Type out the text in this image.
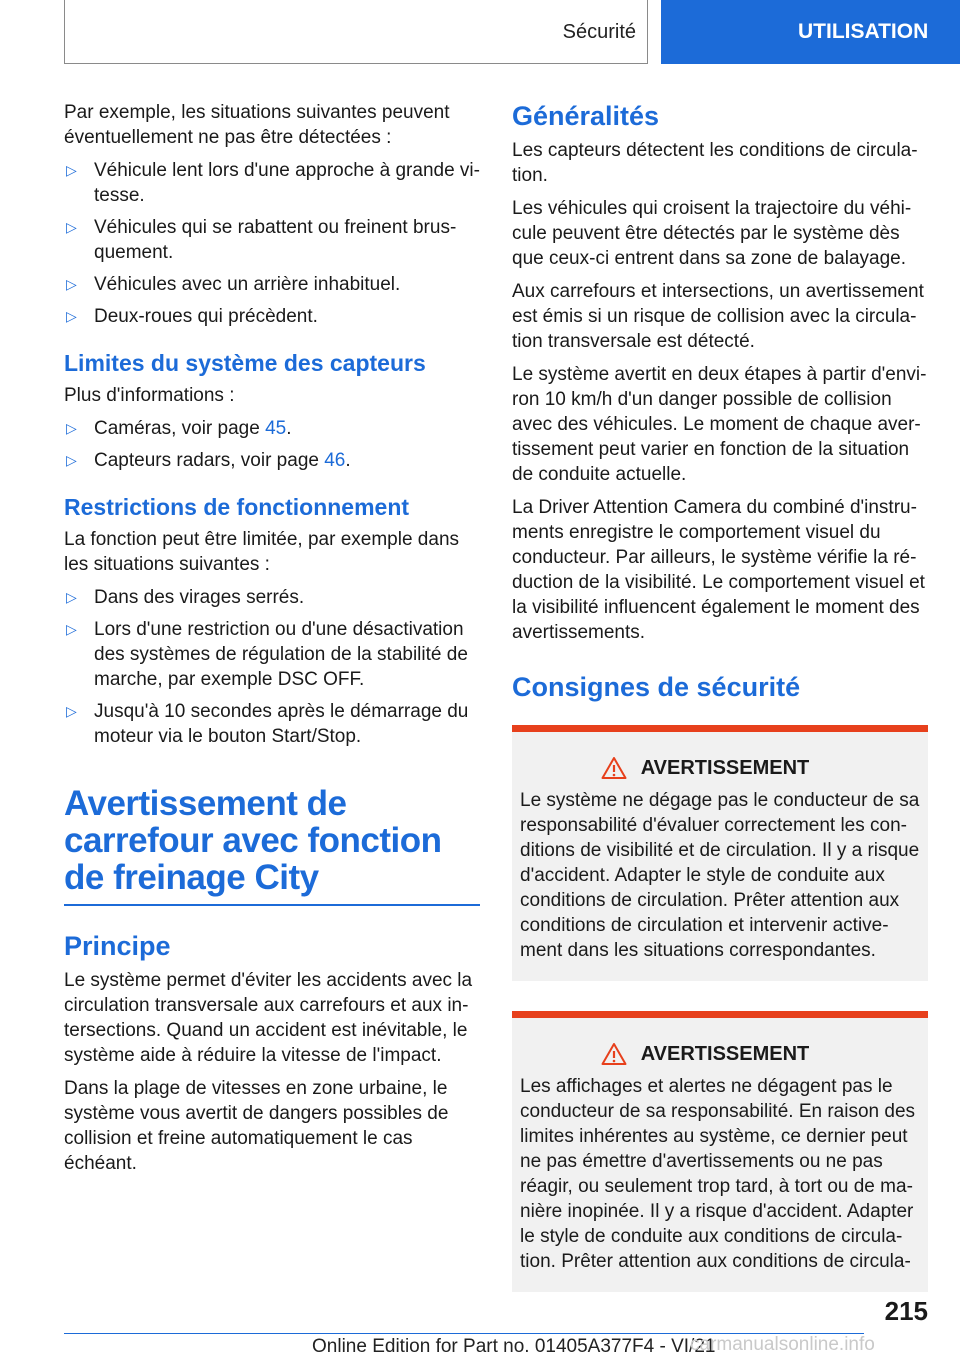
Sécurité	UTILISATION

Par exemple, les situations suivantes peuvent éventuellement ne pas être détectées :

▷ Véhicule lent lors d'une approche à grande vitesse.
▷ Véhicules qui se rabattent ou freinent brusquement.
▷ Véhicules avec un arrière inhabituel.
▷ Deux-roues qui précèdent.
Limites du système des capteurs

Plus d'informations :

▷ Caméras, voir page 45.
▷ Capteurs radars, voir page 46.
Restrictions de fonctionnement

La fonction peut être limitée, par exemple dans les situations suivantes :

▷ Dans des virages serrés.
▷ Lors d'une restriction ou d'une désactivation des systèmes de régulation de la stabilité de marche, par exemple DSC OFF.
▷ Jusqu'à 10 secondes après le démarrage du moteur via le bouton Start/Stop.
Avertissement de carrefour avec fonction de freinage City
Principe

Le système permet d'éviter les accidents avec la circulation transversale aux carrefours et aux intersections. Quand un accident est inévitable, le système aide à réduire la vitesse de l'impact.

Dans la plage de vitesses en zone urbaine, le système vous avertit de dangers possibles de collision et freine automatiquement le cas échéant.

Généralités

Les capteurs détectent les conditions de circulation.

Les véhicules qui croisent la trajectoire du véhicule peuvent être détectés par le système dès que ceux-ci entrent dans sa zone de balayage.

Aux carrefours et intersections, un avertissement est émis si un risque de collision avec la circulation transversale est détecté.

Le système avertit en deux étapes à partir d'environ 10 km/h d'un danger possible de collision avec des véhicules. Le moment de chaque avertissement peut varier en fonction de la situation de conduite actuelle.

La Driver Attention Camera du combiné d'instruments enregistre le comportement visuel du conducteur. Par ailleurs, le système vérifie la réduction de la visibilité. Le comportement visuel et la visibilité influencent également le moment des avertissements.

Consignes de sécurité
AVERTISSEMENT

Le système ne dégage pas le conducteur de sa responsabilité d'évaluer correctement les conditions de visibilité et de circulation. Il y a risque d'accident. Adapter le style de conduite aux conditions de circulation. Prêter attention aux conditions de circulation et intervenir activement dans les situations correspondantes.

AVERTISSEMENT

Les affichages et alertes ne dégagent pas le conducteur de sa responsabilité. En raison des limites inhérentes au système, ce dernier peut ne pas émettre d'avertissements ou ne pas réagir, ou seulement trop tard, à tort ou de manière inopinée. Il y a risque d'accident. Adapter le style de conduite aux conditions de circulation. Prêter attention aux conditions de circula-

215
Online Edition for Part no. 01405A377F4 - VI/21
carmanualsonline.info
